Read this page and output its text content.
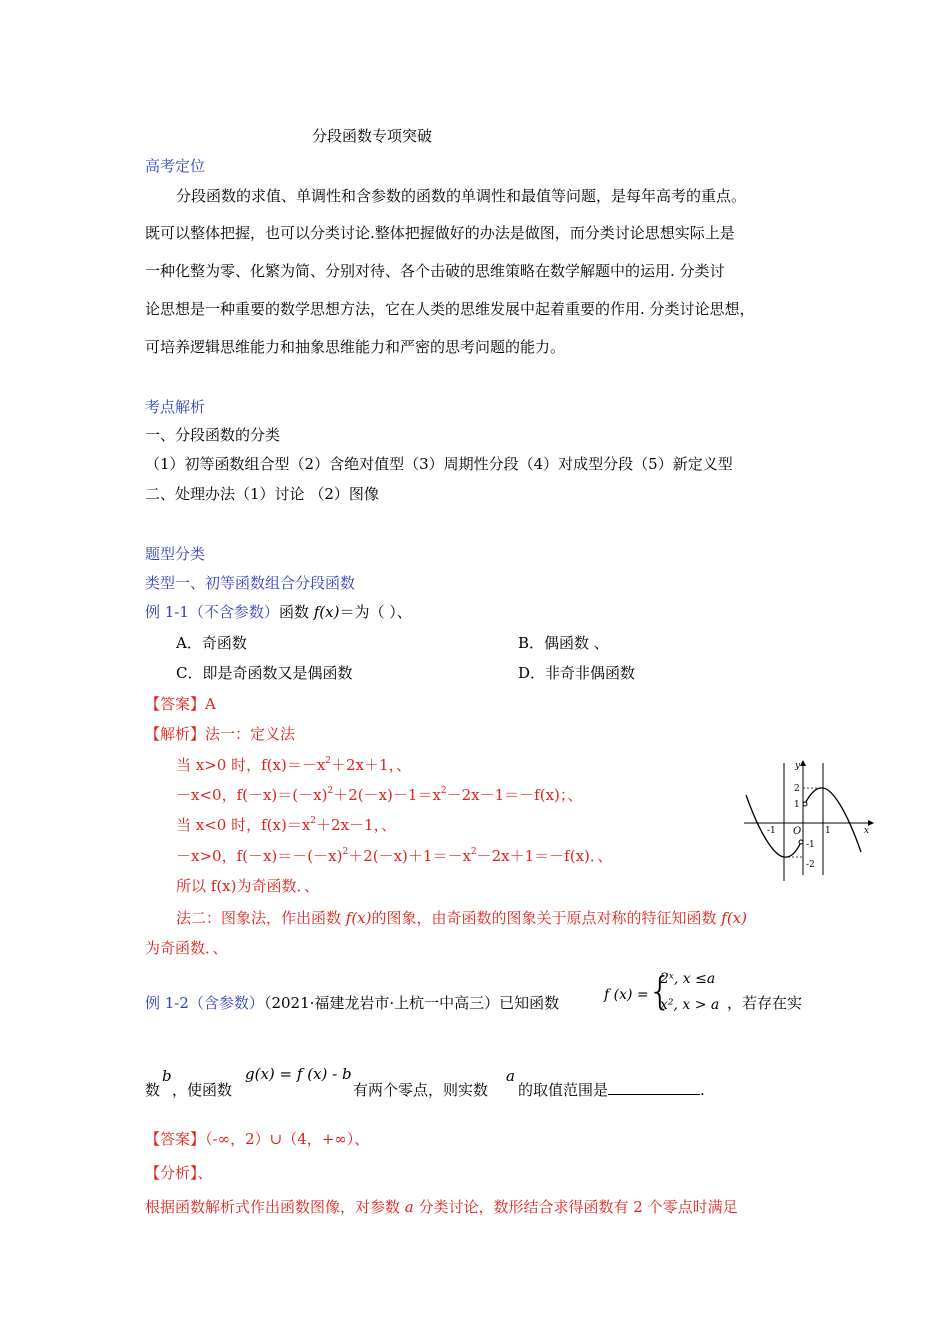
分段函数专项突破
高考定位
分段函数的求值、单调性和含参数的函数的单调性和最值等问题，是每年高考的重点。
既可以整体把握，也可以分类讨论.整体把握做好的办法是做图，而分类讨论思想实际上是
一种化整为零、化繁为简、分别对待、各个击破的思维策略在数学解题中的运用. 分类讨
论思想是一种重要的数学思想方法，它在人类的思维发展中起着重要的作用. 分类讨论思想，
可培养逻辑思维能力和抽象思维能力和严密的思考问题的能力。
考点解析
一、分段函数的分类
（1）初等函数组合型（2）含绝对值型（3）周期性分段（4）对成型分段（5）新定义型
二、处理办法（1）讨论 （2）图像
题型分类
类型一、初等函数组合分段函数
例 1-1（不含参数）函数 f(x)＝为（ ）、
A．奇函数	B．偶函数 、
C．即是奇函数又是偶函数	D．非奇非偶函数
【答案】A
【解析】法一：定义法
当 x>0 时，$f(x)=-x^2+2x+1$，、
－x<0，$f(-x)=(-x)^2+2(-x)-1=x^2-2x-1=-f(x)$；、
当 x<0 时，$f(x)=x^2+2x-1$，、
－x>0，$f(-x)=-(-x)^2+2(-x)+1=-x^2-2x+1=-f(x)$．、
所以 f(x)为奇函数．、
法二：图象法，作出函数 f(x)的图象，由奇函数的图象关于原点对称的特征知函数 f(x)
为奇函数．、
y
x
O
-1	1
2
1
-1
-2
例 1-2（含参数）（2021·福建龙岩市·上杭一中高三）已知函数	f (x) = {
2ˣ, x ≤a
x², x > a ，若存在实
数
b
，使函数
g(x) = f (x) - b
有两个零点，则实数
a
的取值范围是	.
【答案】（-∞，2）∪（4，+∞）、
【分析】、
根据函数解析式作出函数图像，对参数 a 分类讨论，数形结合求得函数有 2 个零点时满足
